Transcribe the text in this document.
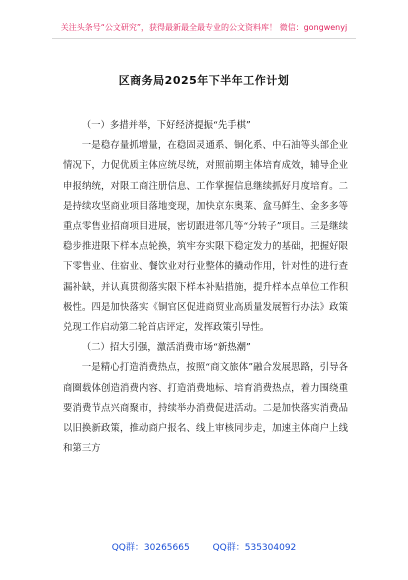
关注头条号“公文研究”，获得最新最全最专业的公文资料库！ 微信：gongwenyj
区商务局2025年下半年工作计划

（一）多措并举，下好经济提振“先手棋”

一是稳存量抓增量，在稳固灵通系、铜化系、中石油等头部企业情况下，力促优质主体应统尽统，对照前期主体培育成效，辅导企业申报纳统，对限工商注册信息、工作掌握信息继续抓好月度培育。二是持续攻坚商业项目落地变现，加快京东奥莱、盒马鲜生、金多多等重点零售业招商项目进展，密切跟进邻几等“分转子”项目。三是继续稳步推进限下样本点轮换，筑牢夯实限下稳定发力的基础，把握好限下零售业、住宿业、餐饮业对行业整体的撬动作用，针对性的进行查漏补缺，并认真贯彻落实限下样本补贴措施，提升样本点单位工作积极性。四是加快落实《铜官区促进商贸业高质量发展暂行办法》政策兑现工作启动第二轮首店评定，发挥政策引导性。

（二）招大引强，激活消费市场“新热潮”

一是精心打造消费热点，按照“商文旅体”融合发展思路，引导各商圈载体创造消费内容、打造消费地标、培育消费热点，着力围绕重要消费节点兴商聚市，持续举办消费促进活动。二是加快落实消费品以旧换新政策，推动商户报名、线上审核同步走，加速主体商户上线和第三方

QQ群：30265665	QQ群：535304092
